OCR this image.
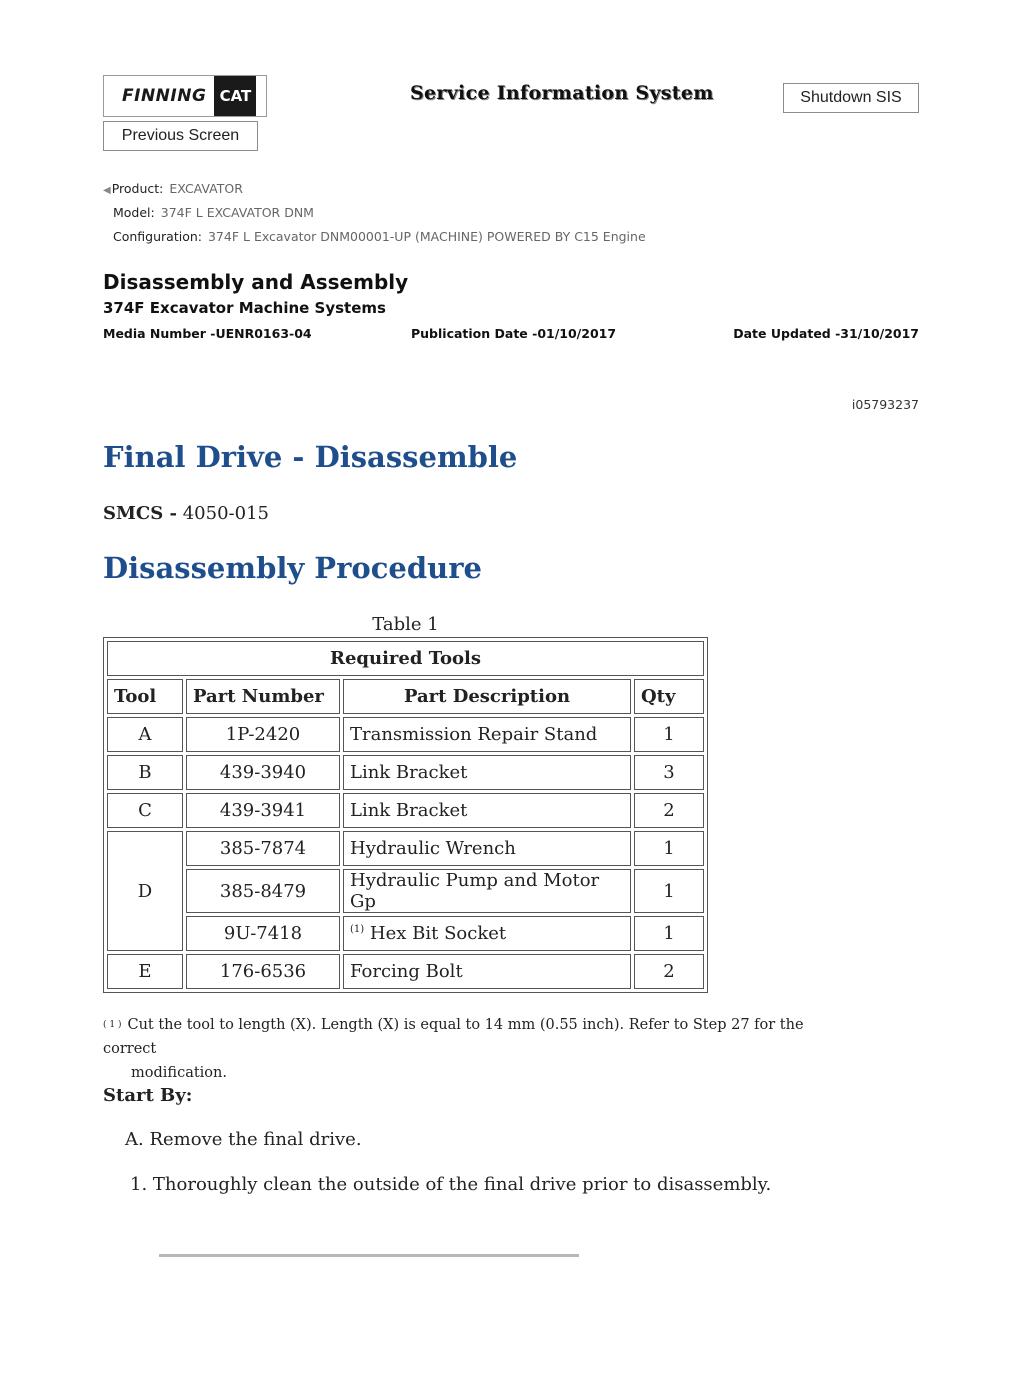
FINNING CAT	Service Information System	Shutdown SIS
Previous Screen
◀Product: EXCAVATOR
Model: 374F L EXCAVATOR DNM
Configuration: 374F L Excavator DNM00001-UP (MACHINE) POWERED BY C15 Engine
Disassembly and Assembly
374F Excavator Machine Systems
Media Number -UENR0163-04	Publication Date -01/10/2017	Date Updated -31/10/2017
i05793237
Final Drive - Disassemble
SMCS - 4050-015
Disassembly Procedure
Table 1
Required Tools			
Tool	Part Number	Part Description	Qty
A	1P-2420	Transmission Repair Stand	1
B	439-3940	Link Bracket	3
C	439-3941	Link Bracket	2
D	385-7874	Hydraulic Wrench	1
	385-8479	Hydraulic Pump and Motor Gp	1
	9U-7418	$^{(1)}$ Hex Bit Socket	1
E	176-6536	Forcing Bolt	2
$^{( 1 )}$ Cut the tool to length (X). Length (X) is equal to 14 mm (0.55 inch). Refer to Step 27 for the correct
modification.
Start By:
A. Remove the final drive.
1. Thoroughly clean the outside of the final drive prior to disassembly.
